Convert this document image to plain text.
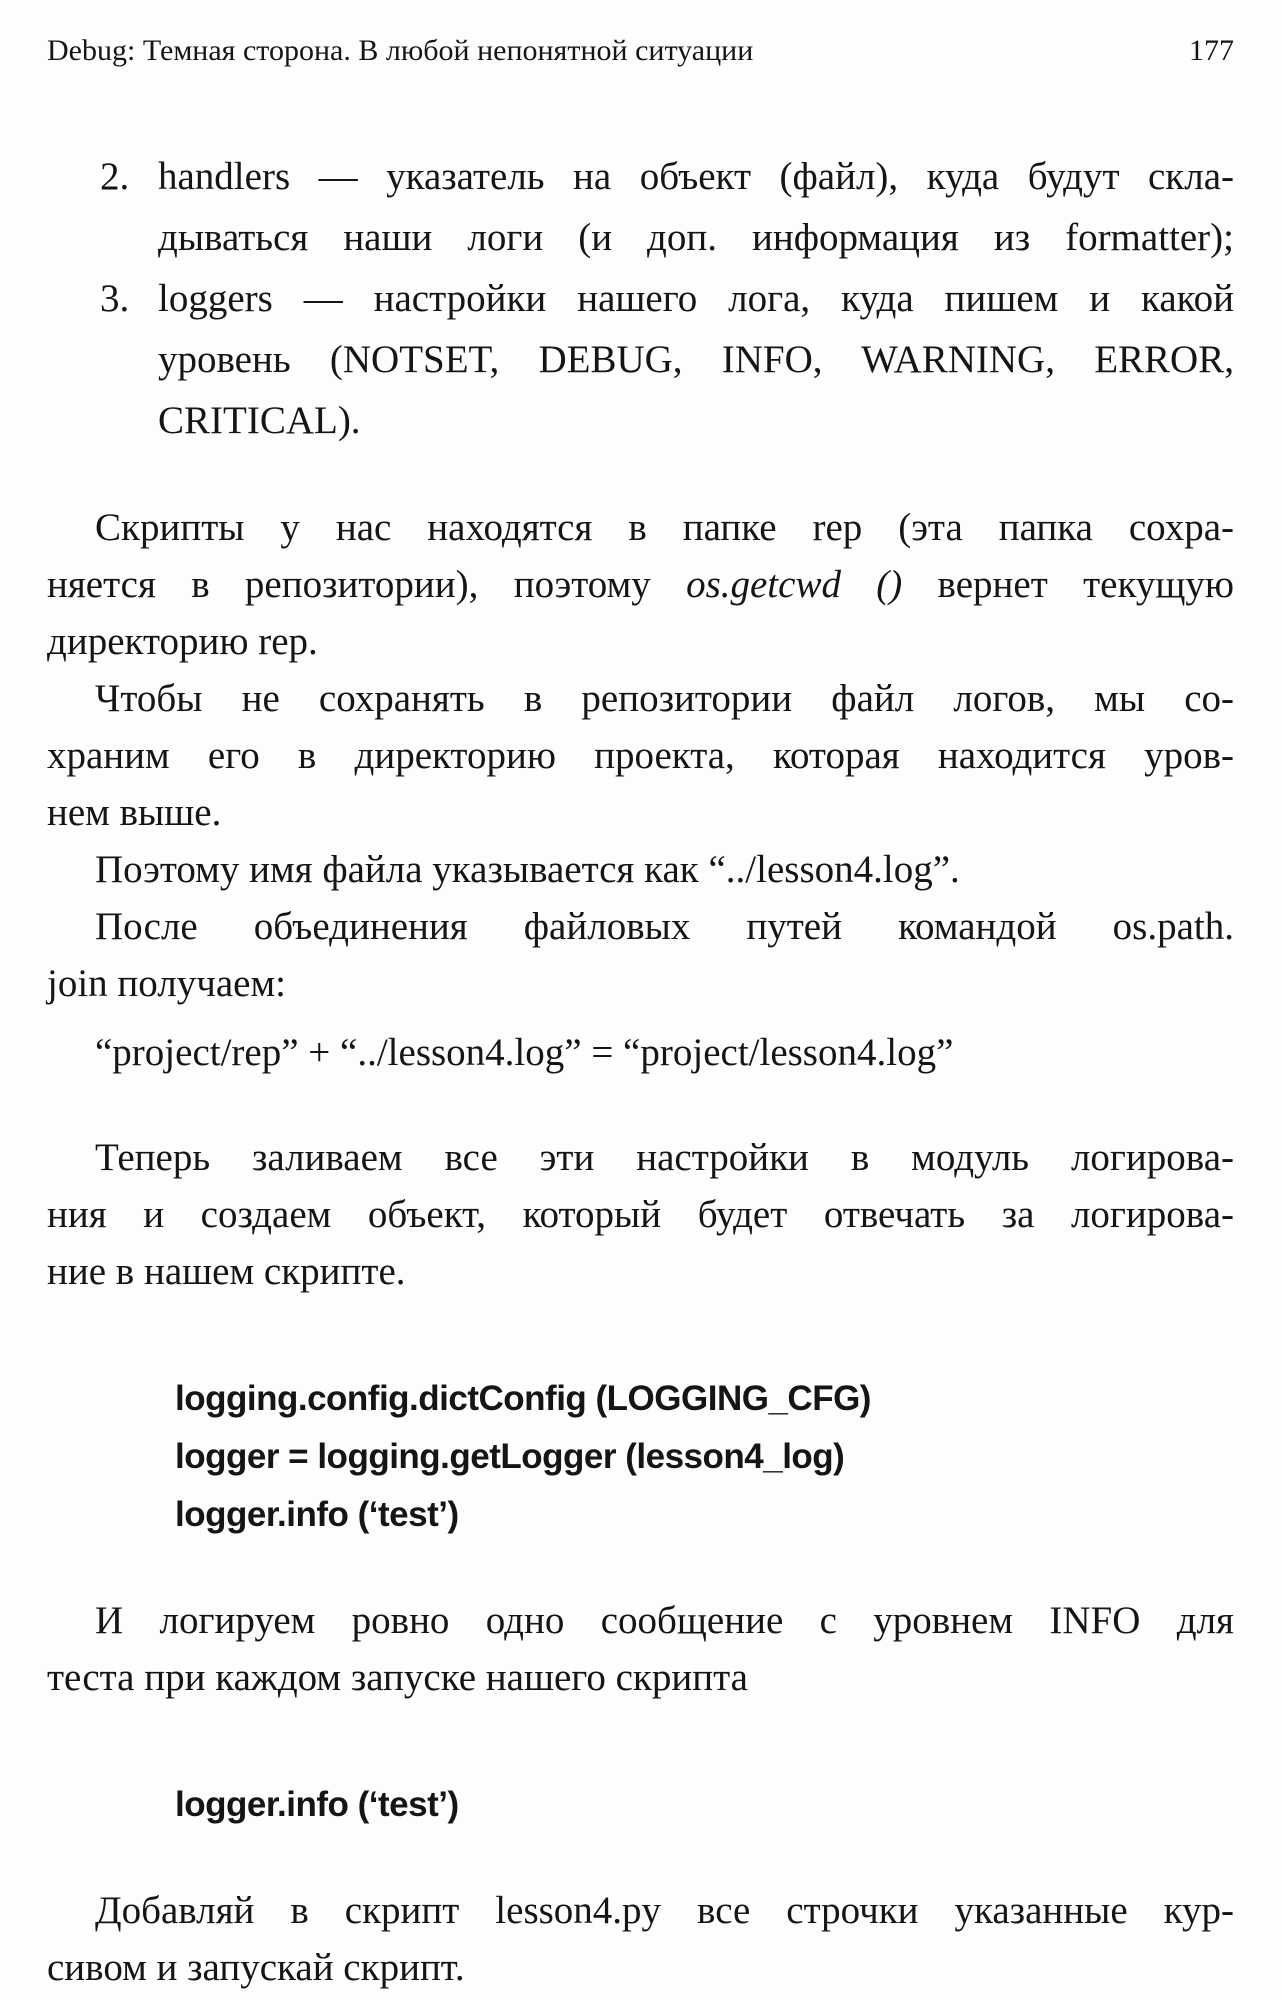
Debug: Темная сторона. В любой непонятной ситуации	177
2. handlers — указатель на объект (файл), куда будут скла-
дываться наши логи (и доп. информация из formatter);
3. loggers — настройки нашего лога, куда пишем и какой
уровень (NOTSET, DEBUG, INFO, WARNING, ERROR,
CRITICAL).
Скрипты у нас находятся в папке rep (эта папка сохра-
няется в репозитории), поэтому os.getcwd () вернет текущую
директорию rep.
Чтобы не сохранять в репозитории файл логов, мы со-
храним его в директорию проекта, которая находится уров-
нем выше.
Поэтому имя файла указывается как “../lesson4.log”.
После объединения файловых путей командой os.path.
join получаем:
“project/rep” + “../lesson4.log” = “project/lesson4.log”
Теперь заливаем все эти настройки в модуль логирова-
ния и создаем объект, который будет отвечать за логирова-
ние в нашем скрипте.
logging.config.dictConfig (LOGGING_CFG)
logger = logging.getLogger (lesson4_log)
logger.info (‘test’)
И логируем ровно одно сообщение с уровнем INFO для
теста при каждом запуске нашего скрипта
logger.info (‘test’)
Добавляй в скрипт lesson4.py все строчки указанные кур-
сивом и запускай скрипт.
